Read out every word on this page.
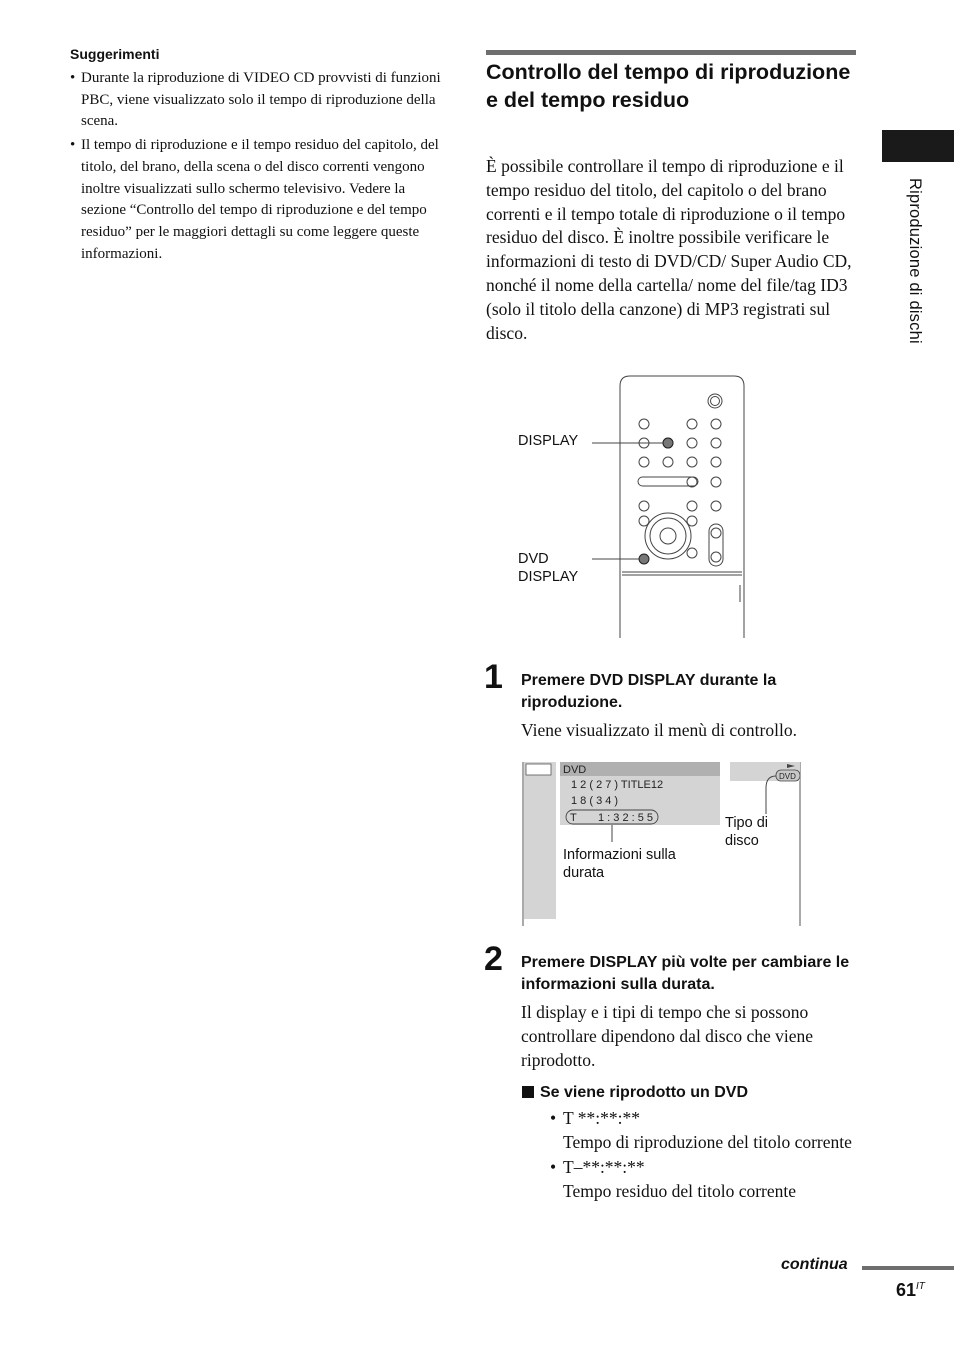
Suggerimenti
• Durante la riproduzione di VIDEO CD provvisti di funzioni PBC, viene visualizzato solo il tempo di riproduzione della scena.
• Il tempo di riproduzione e il tempo residuo del capitolo, del titolo, del brano, della scena o del disco correnti vengono inoltre visualizzati sullo schermo televisivo. Vedere la sezione “Controllo del tempo di riproduzione e del tempo residuo” per le maggiori dettagli su come leggere queste informazioni.
Controllo del tempo di riproduzione e del tempo residuo
È possibile controllare il tempo di riproduzione e il tempo residuo del titolo, del capitolo o del brano correnti e il tempo totale di riproduzione o il tempo residuo del disco. È inoltre possibile verificare le informazioni di testo di DVD/CD/ Super Audio CD, nonché il nome della cartella/ nome del file/tag ID3 (solo il titolo della canzone) di MP3 registrati sul disco.
DISPLAY
DVD
DISPLAY
1 Premere DVD DISPLAY durante la riproduzione.
Viene visualizzato il menù di controllo.
DVD
1 2 ( 2 7 ) TITLE12
1 8 ( 3 4 )
T 1 : 3 2 : 5 5
DVD
Informazioni sulla
durata
Tipo di
disco
2 Premere DISPLAY più volte per cambiare le informazioni sulla durata.
Il display e i tipi di tempo che si possono controllare dipendono dal disco che viene riprodotto.
Se viene riprodotto un DVD
• T **:**:**
Tempo di riproduzione del titolo corrente
• T–**:**:**
Tempo residuo del titolo corrente
Riproduzione di dischi
continua
$61^{IT}$
